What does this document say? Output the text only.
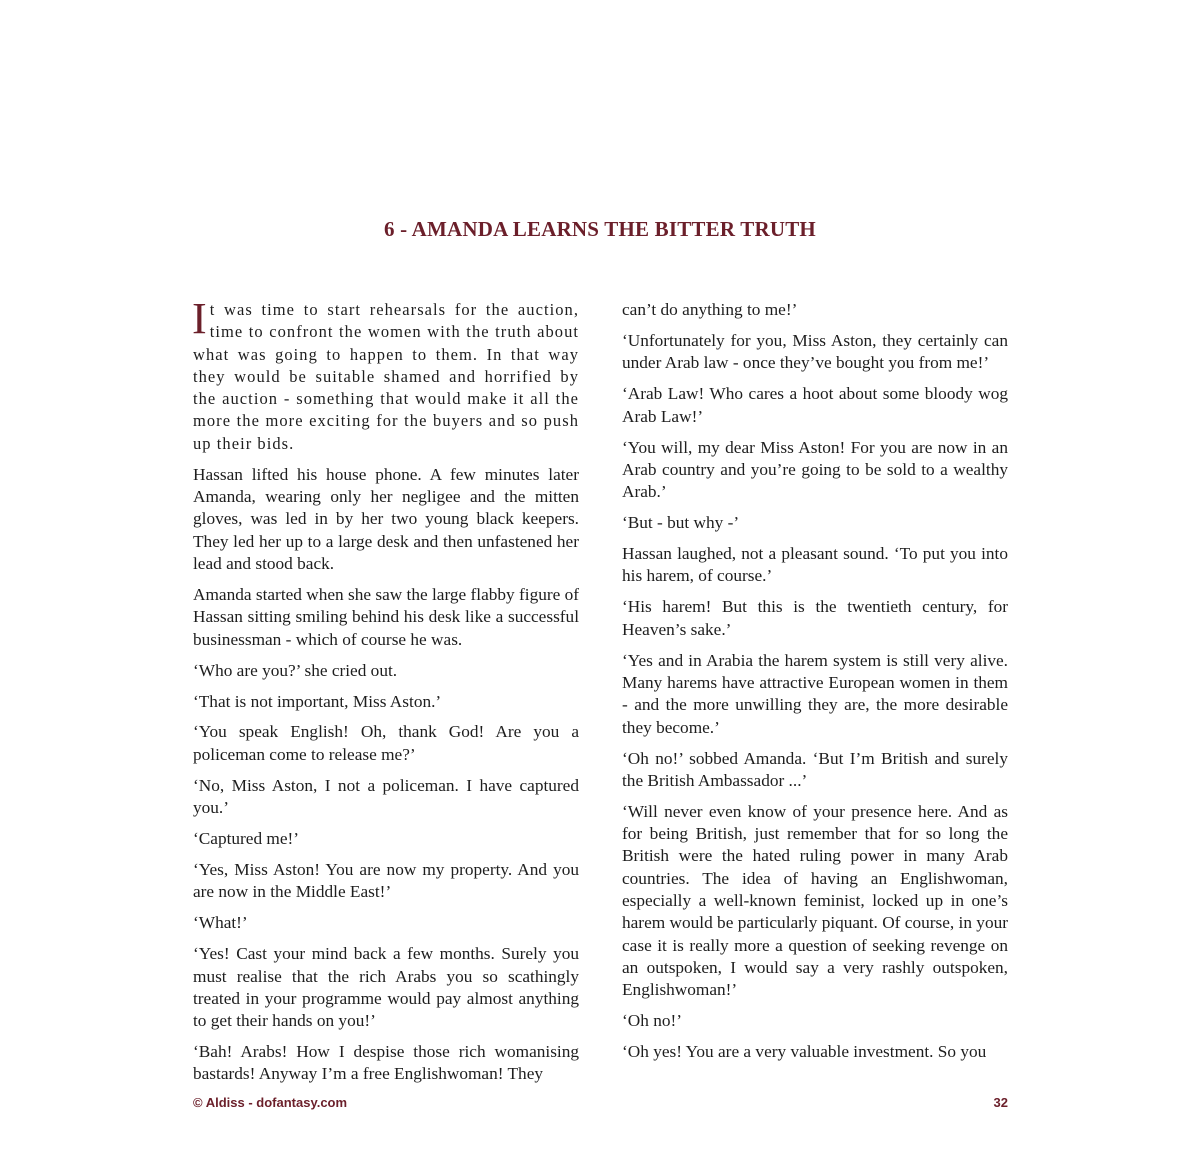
6 - AMANDA LEARNS THE BITTER TRUTH

It was time to start rehearsals for the auction, time to confront the women with the truth about what was going to happen to them. In that way they would be suitable shamed and horrified by the auction - something that would make it all the more the more exciting for the buyers and so push up their bids.

Hassan lifted his house phone. A few minutes later Amanda, wearing only her negligee and the mitten gloves, was led in by her two young black keepers. They led her up to a large desk and then unfastened her lead and stood back.

Amanda started when she saw the large flabby figure of Hassan sitting smiling behind his desk like a successful businessman - which of course he was.

‘Who are you?’ she cried out.

‘That is not important, Miss Aston.’

‘You speak English! Oh, thank God! Are you a policeman come to release me?’

‘No, Miss Aston, I not a policeman. I have captured you.’

‘Captured me!’

‘Yes, Miss Aston! You are now my property. And you are now in the Middle East!’

‘What!’

‘Yes! Cast your mind back a few months. Surely you must realise that the rich Arabs you so scathingly treated in your programme would pay almost anything to get their hands on you!’

‘Bah! Arabs! How I despise those rich womanising bastards! Anyway I’m a free Englishwoman! They

can’t do anything to me!’

‘Unfortunately for you, Miss Aston, they certainly can under Arab law - once they’ve bought you from me!’

‘Arab Law! Who cares a hoot about some bloody wog Arab Law!’

‘You will, my dear Miss Aston! For you are now in an Arab country and you’re going to be sold to a wealthy Arab.’

‘But - but why -’

Hassan laughed, not a pleasant sound. ‘To put you into his harem, of course.’

‘His harem! But this is the twentieth century, for Heaven’s sake.’

‘Yes and in Arabia the harem system is still very alive. Many harems have attractive European women in them - and the more unwilling they are, the more desirable they become.’

‘Oh no!’ sobbed Amanda. ‘But I’m British and surely the British Ambassador ...’

‘Will never even know of your presence here. And as for being British, just remember that for so long the British were the hated ruling power in many Arab countries. The idea of having an Englishwoman, especially a well-known feminist, locked up in one’s harem would be particularly piquant. Of course, in your case it is really more a question of seeking revenge on an outspoken, I would say a very rashly outspoken, Englishwoman!’

‘Oh no!’

‘Oh yes! You are a very valuable investment. So you

© Aldiss - dofantasy.com	32
